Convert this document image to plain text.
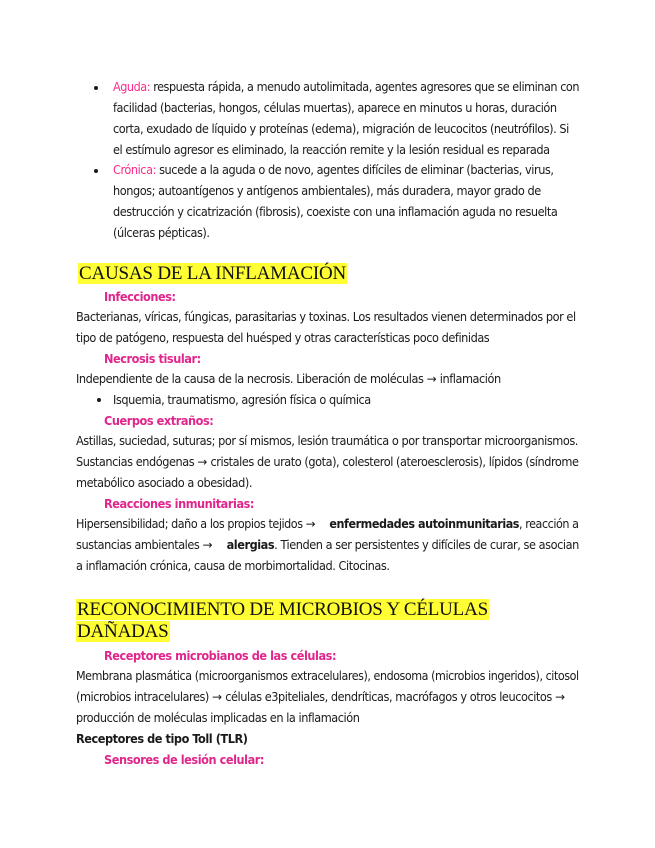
Aguda: respuesta rápida, a menudo autolimitada, agentes agresores que se eliminan con
facilidad (bacterias, hongos, células muertas), aparece en minutos u horas, duración
corta, exudado de líquido y proteínas (edema), migración de leucocitos (neutrófilos). Si
el estímulo agresor es eliminado, la reacción remite y la lesión residual es reparada
Crónica: sucede a la aguda o de novo, agentes difíciles de eliminar (bacterias, virus,
hongos; autoantígenos y antígenos ambientales), más duradera, mayor grado de
destrucción y cicatrización (fibrosis), coexiste con una inflamación aguda no resuelta
(úlceras pépticas).
CAUSAS DE LA INFLAMACIÓN
Infecciones:
Bacterianas, víricas, fúngicas, parasitarias y toxinas. Los resultados vienen determinados por el
tipo de patógeno, respuesta del huésped y otras características poco definidas
Necrosis tisular:
Independiente de la causa de la necrosis. Liberación de moléculas → inflamación
Isquemia, traumatismo, agresión física o química
Cuerpos extraños:
Astillas, suciedad, suturas; por sí mismos, lesión traumática o por transportar microorganismos.
Sustancias endógenas → cristales de urato (gota), colesterol (ateroesclerosis), lípidos (síndrome
metabólico asociado a obesidad).
Reacciones inmunitarias:
Hipersensibilidad; daño a los propios tejidos → enfermedades autoinmunitarias, reacción a
sustancias ambientales → alergias. Tienden a ser persistentes y difíciles de curar, se asocian
a inflamación crónica, causa de morbimortalidad. Citocinas.
RECONOCIMIENTO DE MICROBIOS Y CÉLULAS
DAÑADAS
Receptores microbianos de las células:
Membrana plasmática (microorganismos extracelulares), endosoma (microbios ingeridos), citosol
(microbios intracelulares) → células e3piteliales, dendríticas, macrófagos y otros leucocitos →
producción de moléculas implicadas en la inflamación
Receptores de tipo Toll (TLR)
Sensores de lesión celular:
